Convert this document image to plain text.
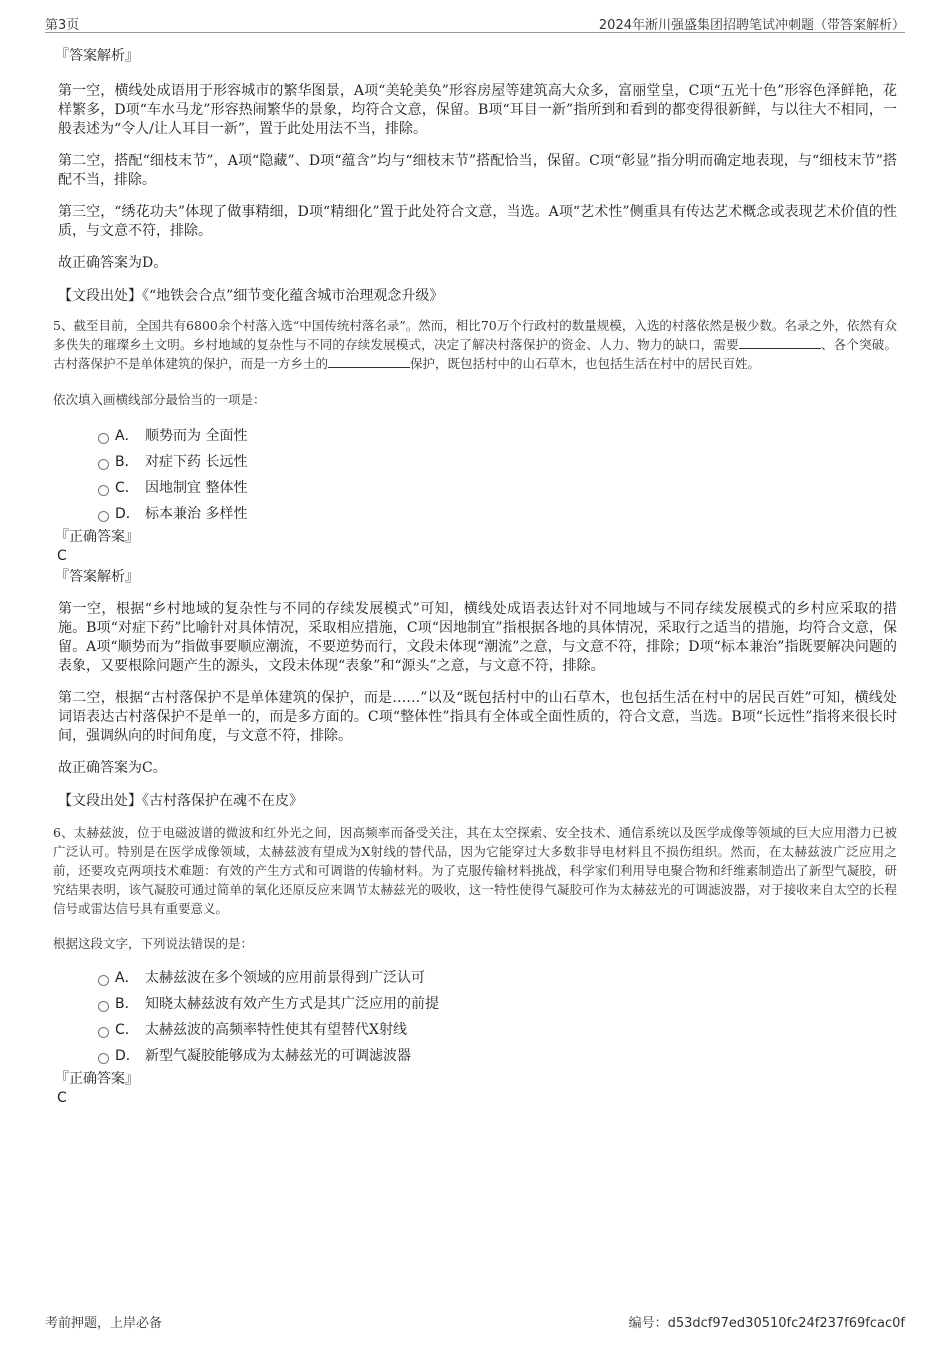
第3页	2024年淅川强盛集团招聘笔试冲刺题（带答案解析）

『答案解析』

第一空，横线处成语用于形容城市的繁华图景，A项“美轮美奂”形容房屋等建筑高大众多，富丽堂皇，C项“五光十色”形容色泽鲜艳，花样繁多，D项“车水马龙”形容热闹繁华的景象，均符合文意，保留。B项“耳目一新”指所到和看到的都变得很新鲜，与以往大不相同，一般表述为“令人/让人耳目一新”，置于此处用法不当，排除。

第二空，搭配“细枝末节”，A项“隐藏”、D项“蕴含”均与“细枝末节”搭配恰当，保留。C项“彰显”指分明而确定地表现，与“细枝末节”搭配不当，排除。

第三空，“绣花功夫”体现了做事精细，D项“精细化”置于此处符合文意，当选。A项“艺术性”侧重具有传达艺术概念或表现艺术价值的性质，与文意不符，排除。

故正确答案为D。

【文段出处】《“地铁会合点”细节变化蕴含城市治理观念升级》

5、截至目前，全国共有6800余个村落入选“中国传统村落名录”。然而，相比70万个行政村的数量规模，入选的村落依然是极少数。名录之外，依然有众多佚失的璀璨乡土文明。乡村地域的复杂性与不同的存续发展模式，决定了解决村落保护的资金、人力、物力的缺口，需要	、各个突破。古村落保护不是单体建筑的保护，而是一方乡土的	保护，既包括村中的山石草木，也包括生活在村中的居民百姓。

依次填入画横线部分最恰当的一项是：

A． 顺势而为 全面性
B． 对症下药 长远性
C． 因地制宜 整体性
D． 标本兼治 多样性

『正确答案』

C

『答案解析』

第一空，根据“乡村地域的复杂性与不同的存续发展模式”可知，横线处成语表达针对不同地域与不同存续发展模式的乡村应采取的措施。B项“对症下药”比喻针对具体情况，采取相应措施，C项“因地制宜”指根据各地的具体情况，采取行之适当的措施，均符合文意，保留。A项“顺势而为”指做事要顺应潮流，不要逆势而行，文段未体现“潮流”之意，与文意不符，排除；D项“标本兼治”指既要解决问题的表象，又要根除问题产生的源头，文段未体现“表象”和“源头”之意，与文意不符，排除。

第二空，根据“古村落保护不是单体建筑的保护，而是……”以及“既包括村中的山石草木，也包括生活在村中的居民百姓”可知，横线处词语表达古村落保护不是单一的，而是多方面的。C项“整体性”指具有全体或全面性质的，符合文意，当选。B项“长远性”指将来很长时间，强调纵向的时间角度，与文意不符，排除。

故正确答案为C。

【文段出处】《古村落保护在魂不在皮》

6、太赫兹波，位于电磁波谱的微波和红外光之间，因高频率而备受关注，其在太空探索、安全技术、通信系统以及医学成像等领域的巨大应用潜力已被广泛认可。特别是在医学成像领域，太赫兹波有望成为X射线的替代品，因为它能穿过大多数非导电材料且不损伤组织。然而，在太赫兹波广泛应用之前，还要攻克两项技术难题：有效的产生方式和可调谐的传输材料。为了克服传输材料挑战，科学家们利用导电聚合物和纤维素制造出了新型气凝胶，研究结果表明，该气凝胶可通过简单的氧化还原反应来调节太赫兹光的吸收，这一特性使得气凝胶可作为太赫兹光的可调滤波器，对于接收来自太空的长程信号或雷达信号具有重要意义。

根据这段文字，下列说法错误的是：

A． 太赫兹波在多个领域的应用前景得到广泛认可
B． 知晓太赫兹波有效产生方式是其广泛应用的前提
C． 太赫兹波的高频率特性使其有望替代X射线
D． 新型气凝胶能够成为太赫兹光的可调滤波器

『正确答案』

C

考前押题，上岸必备	编号：d53dcf97ed30510fc24f237f69fcac0f
